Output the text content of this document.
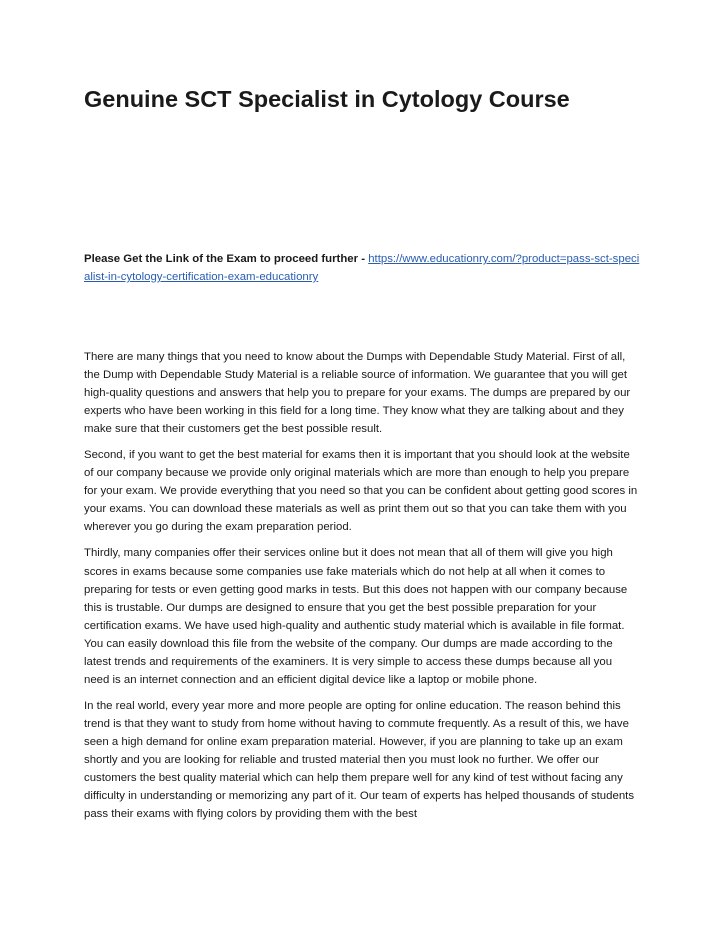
Genuine SCT Specialist in Cytology Course

Please Get the Link of the Exam to proceed further - https://www.educationry.com/?product=pass-sct-specialist-in-cytology-certification-exam-educationry

There are many things that you need to know about the Dumps with Dependable Study Material. First of all, the Dump with Dependable Study Material is a reliable source of information. We guarantee that you will get high-quality questions and answers that help you to prepare for your exams. The dumps are prepared by our experts who have been working in this field for a long time. They know what they are talking about and they make sure that their customers get the best possible result.

Second, if you want to get the best material for exams then it is important that you should look at the website of our company because we provide only original materials which are more than enough to help you prepare for your exam. We provide everything that you need so that you can be confident about getting good scores in your exams. You can download these materials as well as print them out so that you can take them with you wherever you go during the exam preparation period.

Thirdly, many companies offer their services online but it does not mean that all of them will give you high scores in exams because some companies use fake materials which do not help at all when it comes to preparing for tests or even getting good marks in tests. But this does not happen with our company because this is trustable. Our dumps are designed to ensure that you get the best possible preparation for your certification exams. We have used high-quality and authentic study material which is available in file format. You can easily download this file from the website of the company. Our dumps are made according to the latest trends and requirements of the examiners. It is very simple to access these dumps because all you need is an internet connection and an efficient digital device like a laptop or mobile phone.

In the real world, every year more and more people are opting for online education. The reason behind this trend is that they want to study from home without having to commute frequently. As a result of this, we have seen a high demand for online exam preparation material. However, if you are planning to take up an exam shortly and you are looking for reliable and trusted material then you must look no further. We offer our customers the best quality material which can help them prepare well for any kind of test without facing any difficulty in understanding or memorizing any part of it. Our team of experts has helped thousands of students pass their exams with flying colors by providing them with the best
